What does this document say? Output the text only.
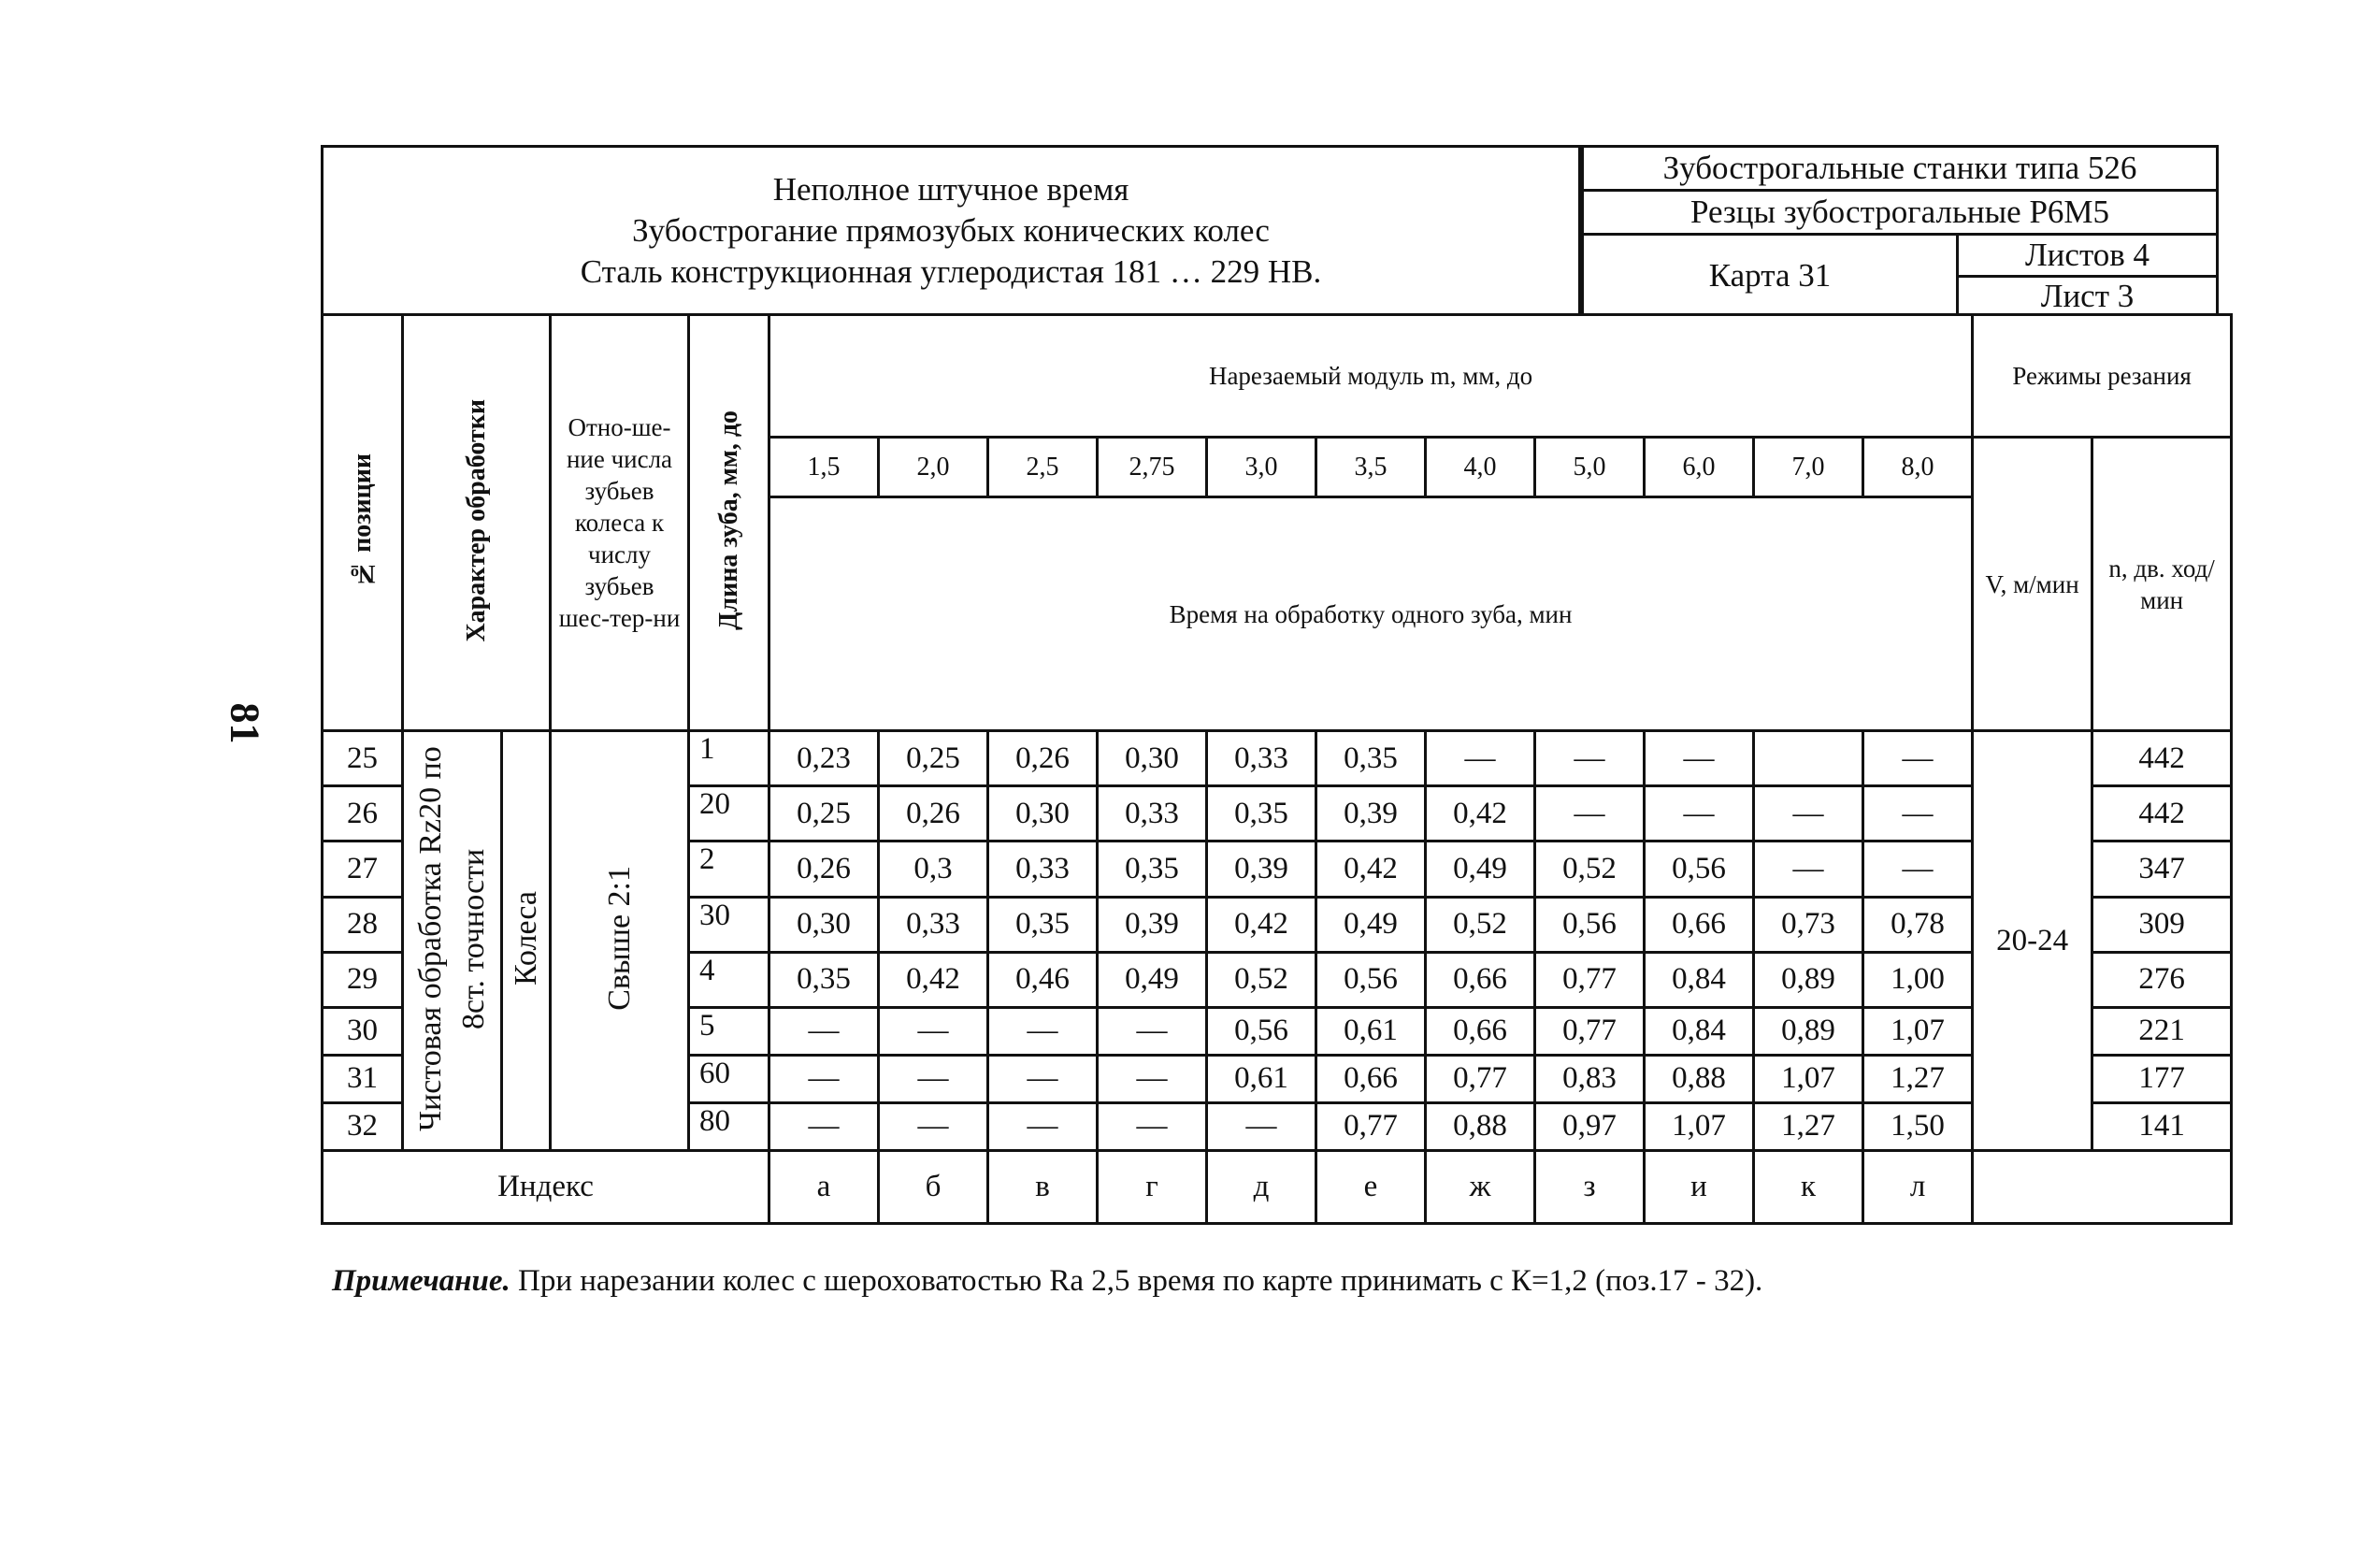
81
Неполное штучное время
Зубострогание прямозубых конических колес
Сталь конструкционная углеродистая 181 … 229 НВ.
Зубострогальные станки типа 526
Резцы зубострогальные Р6М5
Карта 31
Листов 4
Лист 3
№ позиции	Характер обработки		Отно-ше-ние числа зубьев колеса к числу зубьев шес-тер-ни	Длина зуба, мм, до	Нарезаемый модуль m, мм, до											Режимы резания	
					1,5	2,0	2,5	2,75	3,0	3,5	4,0	5,0	6,0	7,0	8,0	V, м/мин	n, дв. ход/мин
					Время на обработку одного зуба, мин												
25	Чистовая обработка Rz20 по 8ст. точности	Колеса	Свыше 2:1	1	0,23	0,25	0,26	0,30	0,33	0,35	—	—	—		—	20-24	442
26				20	0,25	0,26	0,30	0,33	0,35	0,39	0,42	—	—	—	—		442
27				2	0,26	0,3	0,33	0,35	0,39	0,42	0,49	0,52	0,56	—	—		347
28				30	0,30	0,33	0,35	0,39	0,42	0,49	0,52	0,56	0,66	0,73	0,78		309
29				4	0,35	0,42	0,46	0,49	0,52	0,56	0,66	0,77	0,84	0,89	1,00		276
30				5	—	—	—	—	0,56	0,61	0,66	0,77	0,84	0,89	1,07		221
31				60	—	—	—	—	0,61	0,66	0,77	0,83	0,88	1,07	1,27		177
32				80	—	—	—	—	—	0,77	0,88	0,97	1,07	1,27	1,50		141
Индекс					а	б	в	г	д	е	ж	з	и	к	л		
Примечание. При нарезании колес с шероховатостью Ra 2,5 время по карте принимать с К=1,2 (поз.17 - 32).
